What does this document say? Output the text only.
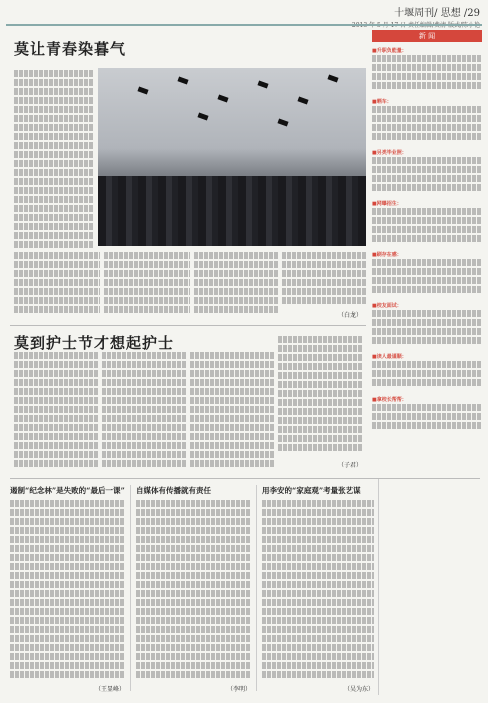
十堰周刊/ 思想 /29
莫让青春染暮气
（白龙）
莫到护士节才想起护士
（子君）
新 闻
■升职负能量：
■晒车：
■另类毕业照：
■网曝招生：
■刷存在感：
■校友面试：
■读人最谨顺：
■拿校长帮帮：
遏制“纪念林”是失败的“最后一课”
（王显峰）
自媒体有传播就有责任
（李明）
用李安的“家庭观”考量张艺谋
（吴为东）
